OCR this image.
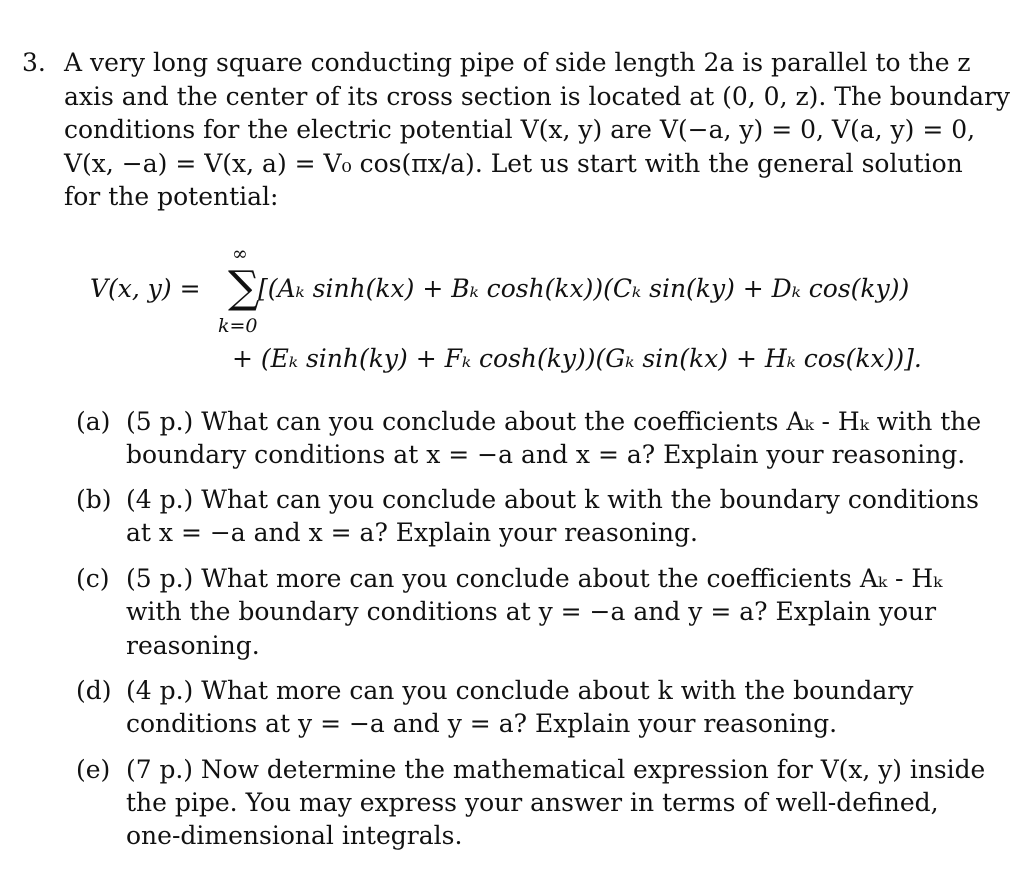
3. A very long square conducting pipe of side length 2a is parallel to the z
axis and the center of its cross section is located at (0, 0, z). The boundary
conditions for the electric potential V(x, y) are V(−a, y) = 0, V(a, y) = 0,
V(x, −a) = V(x, a) = V₀ cos(πx/a). Let us start with the general solution
for the potential:
V(x, y) =
∞
∑
k=0
[(Aₖ sinh(kx) + Bₖ cosh(kx))(Cₖ sin(ky) + Dₖ cos(ky))
+ (Eₖ sinh(ky) + Fₖ cosh(ky))(Gₖ sin(kx) + Hₖ cos(kx))].
(a) (5 p.) What can you conclude about the coefficients Aₖ - Hₖ with the
boundary conditions at x = −a and x = a? Explain your reasoning.
(b) (4 p.) What can you conclude about k with the boundary conditions
at x = −a and x = a? Explain your reasoning.
(c) (5 p.) What more can you conclude about the coefficients Aₖ - Hₖ
with the boundary conditions at y = −a and y = a? Explain your
reasoning.
(d) (4 p.) What more can you conclude about k with the boundary
conditions at y = −a and y = a? Explain your reasoning.
(e) (7 p.) Now determine the mathematical expression for V(x, y) inside
the pipe. You may express your answer in terms of well-defined,
one-dimensional integrals.
